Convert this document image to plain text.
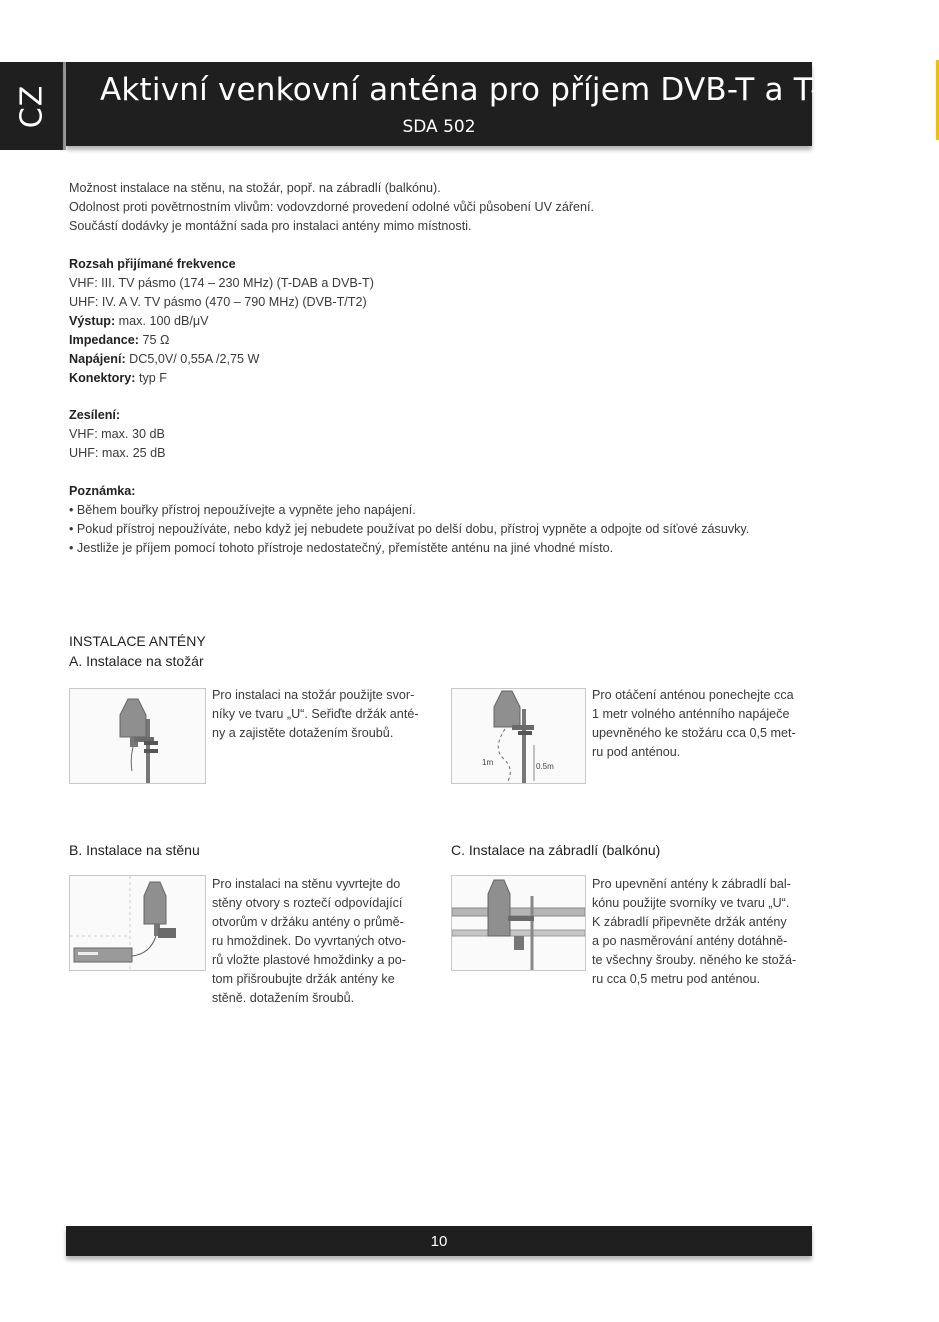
CZ Aktivní venkovní anténa pro příjem DVB-T a T-DAB
SDA 502

Možnost instalace na stěnu, na stožár, popř. na zábradlí (balkónu).

Odolnost proti povětrnostním vlivům: vodovzdorné provedení odolné vůči působení UV záření.

Součástí dodávky je montážní sada pro instalaci antény mimo místnosti.

Rozsah přijímané frekvence

VHF: III. TV pásmo (174 – 230 MHz) (T-DAB a DVB-T)

UHF: IV. A V. TV pásmo (470 – 790 MHz) (DVB-T/T2)

Výstup: max. 100 dB/μV

Impedance: 75 Ω

Napájení: DC5,0V/ 0,55A /2,75 W

Konektory: typ F

Zesílení:

VHF: max. 30 dB

UHF: max. 25 dB

Poznámka:

• Během bouřky přístroj nepoužívejte a vypněte jeho napájení.

• Pokud přístroj nepoužíváte, nebo když jej nebudete používat po delší dobu, přístroj vypněte a odpojte od síťové zásuvky.

• Jestliže je příjem pomocí tohoto přístroje nedostatečný, přemístěte anténu na jiné vhodné místo.

INSTALACE ANTÉNY
A. Instalace na stožár

Pro instalaci na stožár použijte svor-

níky ve tvaru „U“. Seřiďte držák anté-

ny a zajistěte dotažením šroubů.

1m	0.5m

Pro otáčení anténou ponechejte cca

1 metr volného anténního napáječe

upevněného ke stožáru cca 0,5 met-

ru pod anténou.

B. Instalace na stěnu

Pro instalaci na stěnu vyvrtejte do

stěny otvory s roztečí odpovídající

otvorům v držáku antény o průmě-

ru hmoždinek. Do vyvrtaných otvo-

rů vložte plastové hmoždinky a po-

tom přišroubujte držák antény ke

stěně. dotažením šroubů.

C. Instalace na zábradlí (balkónu)

Pro upevnění antény k zábradlí bal-

kónu použijte svorníky ve tvaru „U“.

K zábradlí připevněte držák antény

a po nasměrování antény dotáhně-

te všechny šrouby. něného ke stožá-

ru cca 0,5 metru pod anténou.

10
